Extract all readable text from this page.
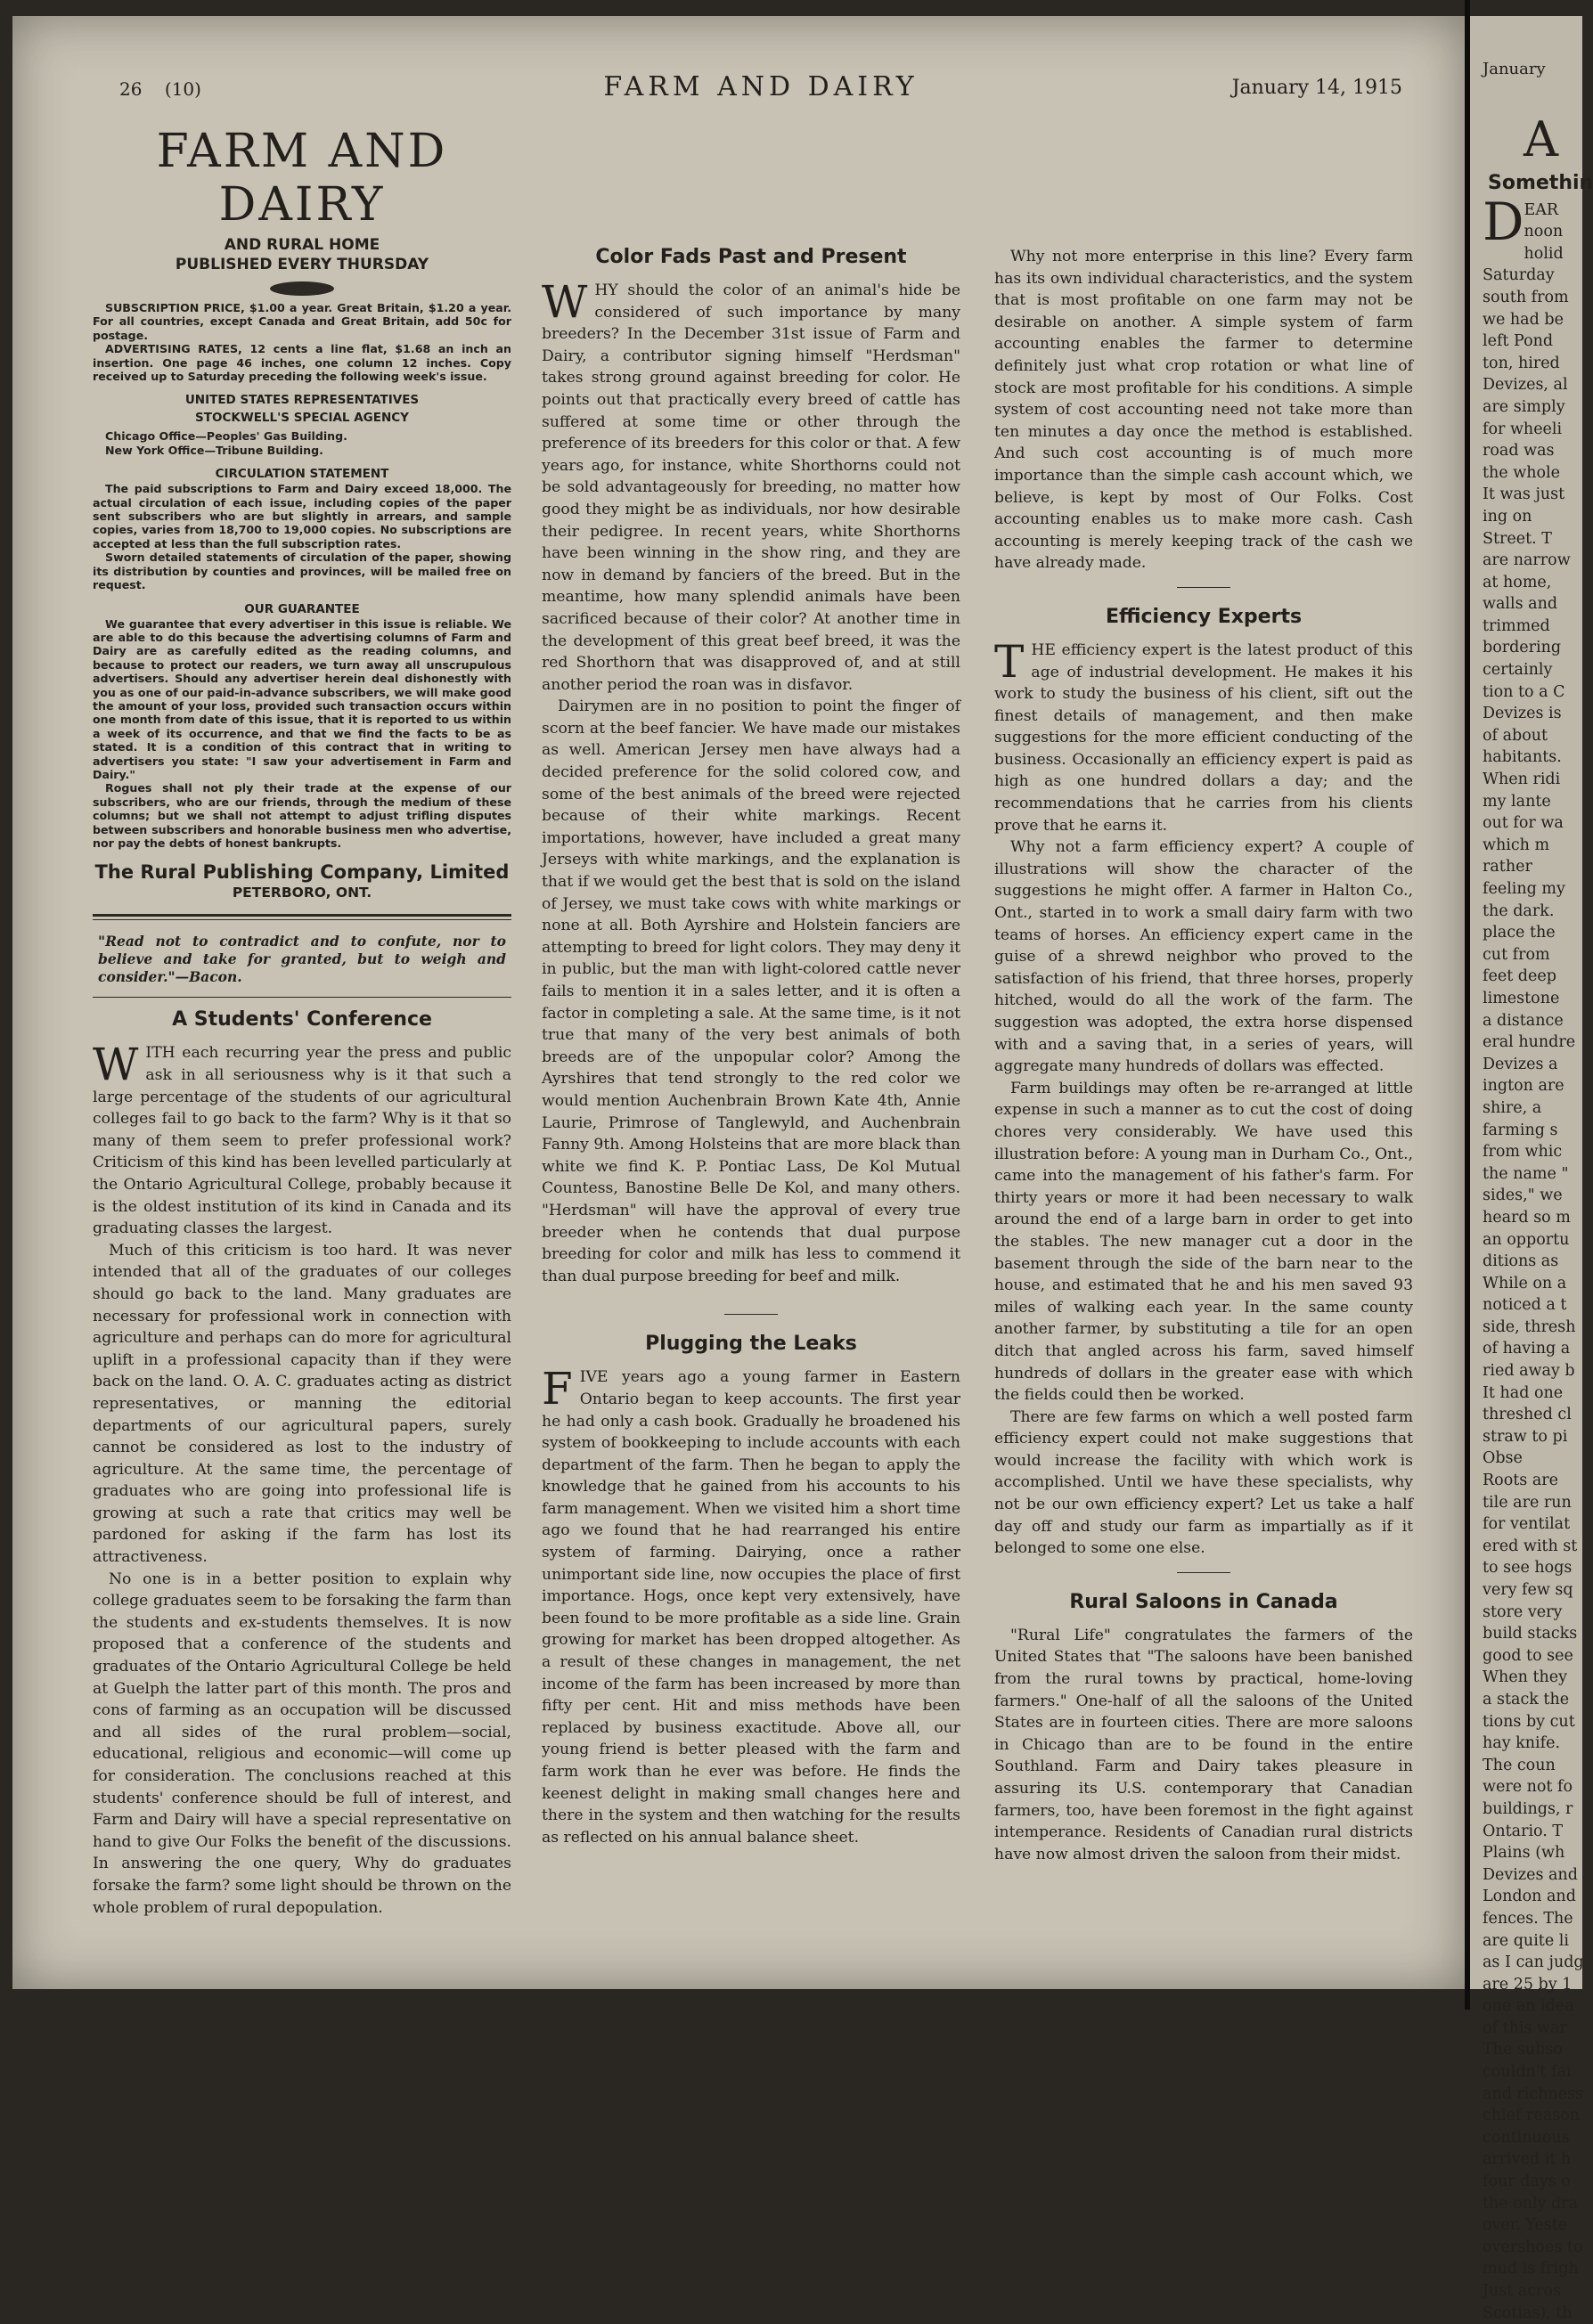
26 (10)	FARM AND DAIRY	January 14, 1915
FARM AND DAIRY
AND RURAL HOME
PUBLISHED EVERY THURSDAY

SUBSCRIPTION PRICE, $1.00 a year. Great Britain, $1.20 a year. For all countries, except Canada and Great Britain, add 50c for postage.

ADVERTISING RATES, 12 cents a line flat, $1.68 an inch an insertion. One page 46 inches, one column 12 inches. Copy received up to Saturday preceding the following week's issue.

UNITED STATES REPRESENTATIVES
STOCKWELL'S SPECIAL AGENCY

Chicago Office—Peoples' Gas Building.

New York Office—Tribune Building.

CIRCULATION STATEMENT

The paid subscriptions to Farm and Dairy exceed 18,000. The actual circulation of each issue, including copies of the paper sent subscribers who are but slightly in arrears, and sample copies, varies from 18,700 to 19,000 copies. No subscriptions are accepted at less than the full subscription rates.

Sworn detailed statements of circulation of the paper, showing its distribution by counties and provinces, will be mailed free on request.

OUR GUARANTEE

We guarantee that every advertiser in this issue is reliable. We are able to do this because the advertising columns of Farm and Dairy are as carefully edited as the reading columns, and because to protect our readers, we turn away all unscrupulous advertisers. Should any advertiser herein deal dishonestly with you as one of our paid-in-advance subscribers, we will make good the amount of your loss, provided such transaction occurs within one month from date of this issue, that it is reported to us within a week of its occurrence, and that we find the facts to be as stated. It is a condition of this contract that in writing to advertisers you state: "I saw your advertisement in Farm and Dairy."

Rogues shall not ply their trade at the expense of our subscribers, who are our friends, through the medium of these columns; but we shall not attempt to adjust trifling disputes between subscribers and honorable business men who advertise, nor pay the debts of honest bankrupts.

The Rural Publishing Company, Limited
PETERBORO, ONT.
"Read not to contradict and to confute, nor to believe and take for granted, but to weigh and consider."—Bacon.
A Students' Conference

WITH each recurring year the press and public ask in all seriousness why is it that such a large percentage of the students of our agricultural colleges fail to go back to the farm? Why is it that so many of them seem to prefer professional work? Criticism of this kind has been levelled particularly at the Ontario Agricultural College, probably because it is the oldest institution of its kind in Canada and its graduating classes the largest.

Much of this criticism is too hard. It was never intended that all of the graduates of our colleges should go back to the land. Many graduates are necessary for professional work in connection with agriculture and perhaps can do more for agricultural uplift in a professional capacity than if they were back on the land. O. A. C. graduates acting as district representatives, or manning the editorial departments of our agricultural papers, surely cannot be considered as lost to the industry of agriculture. At the same time, the percentage of graduates who are going into professional life is growing at such a rate that critics may well be pardoned for asking if the farm has lost its attractiveness.

No one is in a better position to explain why college graduates seem to be forsaking the farm than the students and ex-students themselves. It is now proposed that a conference of the students and graduates of the Ontario Agricultural College be held at Guelph the latter part of this month. The pros and cons of farming as an occupation will be discussed and all sides of the rural problem—social, educational, religious and economic—will come up for consideration. The conclusions reached at this students' conference should be full of interest, and Farm and Dairy will have a special representative on hand to give Our Folks the benefit of the discussions. In answering the one query, Why do graduates forsake the farm? some light should be thrown on the whole problem of rural depopulation.

Color Fads Past and Present

WHY should the color of an animal's hide be considered of such importance by many breeders? In the December 31st issue of Farm and Dairy, a contributor signing himself "Herdsman" takes strong ground against breeding for color. He points out that practically every breed of cattle has suffered at some time or other through the preference of its breeders for this color or that. A few years ago, for instance, white Shorthorns could not be sold advantageously for breeding, no matter how good they might be as individuals, nor how desirable their pedigree. In recent years, white Shorthorns have been winning in the show ring, and they are now in demand by fanciers of the breed. But in the meantime, how many splendid animals have been sacrificed because of their color? At another time in the development of this great beef breed, it was the red Shorthorn that was disapproved of, and at still another period the roan was in disfavor.

Dairymen are in no position to point the finger of scorn at the beef fancier. We have made our mistakes as well. American Jersey men have always had a decided preference for the solid colored cow, and some of the best animals of the breed were rejected because of their white markings. Recent importations, however, have included a great many Jerseys with white markings, and the explanation is that if we would get the best that is sold on the island of Jersey, we must take cows with white markings or none at all. Both Ayrshire and Holstein fanciers are attempting to breed for light colors. They may deny it in public, but the man with light-colored cattle never fails to mention it in a sales letter, and it is often a factor in completing a sale. At the same time, is it not true that many of the very best animals of both breeds are of the unpopular color? Among the Ayrshires that tend strongly to the red color we would mention Auchenbrain Brown Kate 4th, Annie Laurie, Primrose of Tanglewyld, and Auchenbrain Fanny 9th. Among Holsteins that are more black than white we find K. P. Pontiac Lass, De Kol Mutual Countess, Banostine Belle De Kol, and many others. "Herdsman" will have the approval of every true breeder when he contends that dual purpose breeding for color and milk has less to commend it than dual purpose breeding for beef and milk.

Plugging the Leaks

FIVE years ago a young farmer in Eastern Ontario began to keep accounts. The first year he had only a cash book. Gradually he broadened his system of bookkeeping to include accounts with each department of the farm. Then he began to apply the knowledge that he gained from his accounts to his farm management. When we visited him a short time ago we found that he had rearranged his entire system of farming. Dairying, once a rather unimportant side line, now occupies the place of first importance. Hogs, once kept very extensively, have been found to be more profitable as a side line. Grain growing for market has been dropped altogether. As a result of these changes in management, the net income of the farm has been increased by more than fifty per cent. Hit and miss methods have been replaced by business exactitude. Above all, our young friend is better pleased with the farm and farm work than he ever was before. He finds the keenest delight in making small changes here and there in the system and then watching for the results as reflected on his annual balance sheet.

Why not more enterprise in this line? Every farm has its own individual characteristics, and the system that is most profitable on one farm may not be desirable on another. A simple system of farm accounting enables the farmer to determine definitely just what crop rotation or what line of stock are most profitable for his conditions. A simple system of cost accounting need not take more than ten minutes a day once the method is established. And such cost accounting is of much more importance than the simple cash account which, we believe, is kept by most of Our Folks. Cost accounting enables us to make more cash. Cash accounting is merely keeping track of the cash we have already made.

Efficiency Experts

THE efficiency expert is the latest product of this age of industrial development. He makes it his work to study the business of his client, sift out the finest details of management, and then make suggestions for the more efficient conducting of the business. Occasionally an efficiency expert is paid as high as one hundred dollars a day; and the recommendations that he carries from his clients prove that he earns it.

Why not a farm efficiency expert? A couple of illustrations will show the character of the suggestions he might offer. A farmer in Halton Co., Ont., started in to work a small dairy farm with two teams of horses. An efficiency expert came in the guise of a shrewd neighbor who proved to the satisfaction of his friend, that three horses, properly hitched, would do all the work of the farm. The suggestion was adopted, the extra horse dispensed with and a saving that, in a series of years, will aggregate many hundreds of dollars was effected.

Farm buildings may often be re-arranged at little expense in such a manner as to cut the cost of doing chores very considerably. We have used this illustration before: A young man in Durham Co., Ont., came into the management of his father's farm. For thirty years or more it had been necessary to walk around the end of a large barn in order to get into the stables. The new manager cut a door in the basement through the side of the barn near to the house, and estimated that he and his men saved 93 miles of walking each year. In the same county another farmer, by substituting a tile for an open ditch that angled across his farm, saved himself hundreds of dollars in the greater ease with which the fields could then be worked.

There are few farms on which a well posted farm efficiency expert could not make suggestions that would increase the facility with which work is accomplished. Until we have these specialists, why not be our own efficiency expert? Let us take a half day off and study our farm as impartially as if it belonged to some one else.

Rural Saloons in Canada

"Rural Life" congratulates the farmers of the United States that "The saloons have been banished from the rural towns by practical, home-loving farmers." One-half of all the saloons of the United States are in fourteen cities. There are more saloons in Chicago than are to be found in the entire Southland. Farm and Dairy takes pleasure in assuring its U.S. contemporary that Canadian farmers, too, have been foremost in the fight against intemperance. Residents of Canadian rural districts have now almost driven the saloon from their midst.

January
A
Somethin
D EAR
noon
holid
Saturday
south from
we had be
left Pond
ton, hired
Devizes, al
are simply
for wheeli
road was
the whole
It was just
ing on
Street. T
are narrow
at home,
walls and
trimmed
bordering
certainly
tion to a C
Devizes is
of about
habitants.
When ridi
my lante
out for wa
which m
rather
feeling my
the dark.
place the
cut from
feet deep
limestone
a distance
eral hundre
Devizes a
ington are
shire, a
farming s
from whic
the name "
sides," we
heard so m
an opportu
ditions as
While on a
noticed a t
side, thresh
of having a
ried away b
It had one
threshed cl
straw to pi
Obse
Roots are
tile are run
for ventilat
ered with st
to see hogs
very few sq
store very
build stacks
good to see
When they
a stack the
tions by cut
hay knife.
The coun
were not fo
buildings, r
Ontario. T
Plains (wh
Devizes and
London and
fences. The
are quite li
as I can judg
are 25 by 1
one an idea
of this war
The subso
couldn't fai
and richness
chief reason
continuous
arrived it h
four days o
the only dra
over. Yeste
overshoes to
mud is frigh
Just acros
Scotias), th
